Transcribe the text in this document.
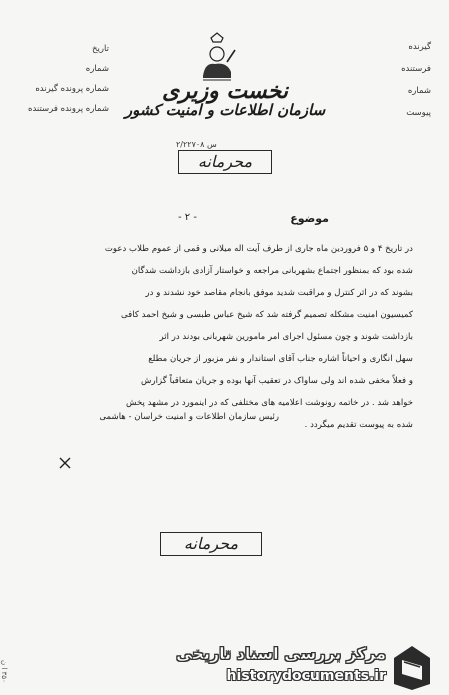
گیرنده
فرستنده
شماره
پیوست
تاریخ
شماره
شماره پرونده گیرنده
شماره پرونده فرستنده
نخست وزیری
سازمان اطلاعات و امنیت کشور
س ۲/۲۲۷۰۸
محرمانه
موضوع
- ۲ -

در تاریخ ۴ و ۵ فروردین ماه جاری از طرف آیت اله میلانی و قمی از عموم طلاب دعوت

شده بود که بمنظور اجتماع بشهربانی مراجعه و خواستار آزادی بازداشت شدگان

بشوند که در اثر کنترل و مراقبت شدید موفق بانجام مقاصد خود نشدند و در

کمیسیون امنیت مشکله تصمیم گرفته شد که شیخ عباس طبسی و شیخ احمد کافی

بازداشت شوند و چون مسئول اجرای امر مامورین شهربانی بودند در اثر

سهل انگاری و احیاناً اشاره جناب آقای استاندار و نفر مزبور از جریان مطلع

و فعلاً مخفی شده اند ولی ساواک در تعقیب آنها بوده و جریان متعاقباً گزارش

خواهد شد . در خاتمه رونوشت اعلامیه های مختلفی که در اینمورد در مشهد پخش

شده به پیوست تقدیم میگردد .

رئیس سازمان اطلاعات و امنیت خراسان - هاشمی
محرمانه
مرکز بررسی اسناد تاریخی
historydocuments.ir
۳۵۰ ا ن
